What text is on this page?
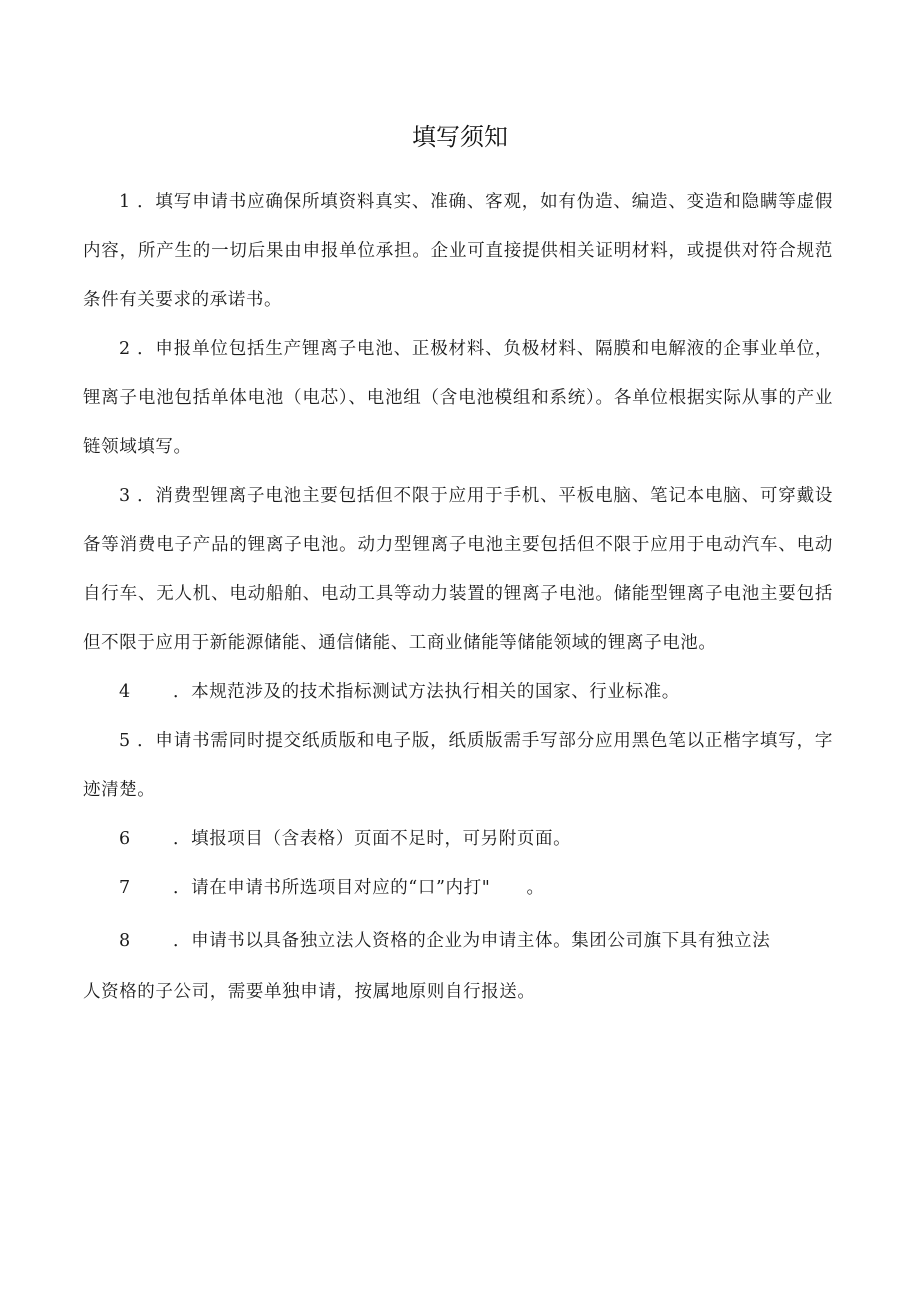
填写须知

1 ．填写申请书应确保所填资料真实、准确、客观，如有伪造、编造、变造和隐瞒等虚假内容，所产生的一切后果由申报单位承担。企业可直接提供相关证明材料，或提供对符合规范条件有关要求的承诺书。

2 ．申报单位包括生产锂离子电池、正极材料、负极材料、隔膜和电解液的企事业单位，锂离子电池包括单体电池（电芯）、电池组（含电池模组和系统）。各单位根据实际从事的产业链领域填写。

3 ．消费型锂离子电池主要包括但不限于应用于手机、平板电脑、笔记本电脑、可穿戴设备等消费电子产品的锂离子电池。动力型锂离子电池主要包括但不限于应用于电动汽车、电动自行车、无人机、电动船舶、电动工具等动力装置的锂离子电池。储能型锂离子电池主要包括但不限于应用于新能源储能、通信储能、工商业储能等储能领域的锂离子电池。

4 ．本规范涉及的技术指标测试方法执行相关的国家、行业标准。

5 ．申请书需同时提交纸质版和电子版，纸质版需手写部分应用黑色笔以正楷字填写，字迹清楚。

6 ．填报项目（含表格）页面不足时，可另附页面。

7 ．请在申请书所选项目对应的“口”内打"　　。

8 ．申请书以具备独立法人资格的企业为申请主体。集团公司旗下具有独立法
人资格的子公司，需要单独申请，按属地原则自行报送。
